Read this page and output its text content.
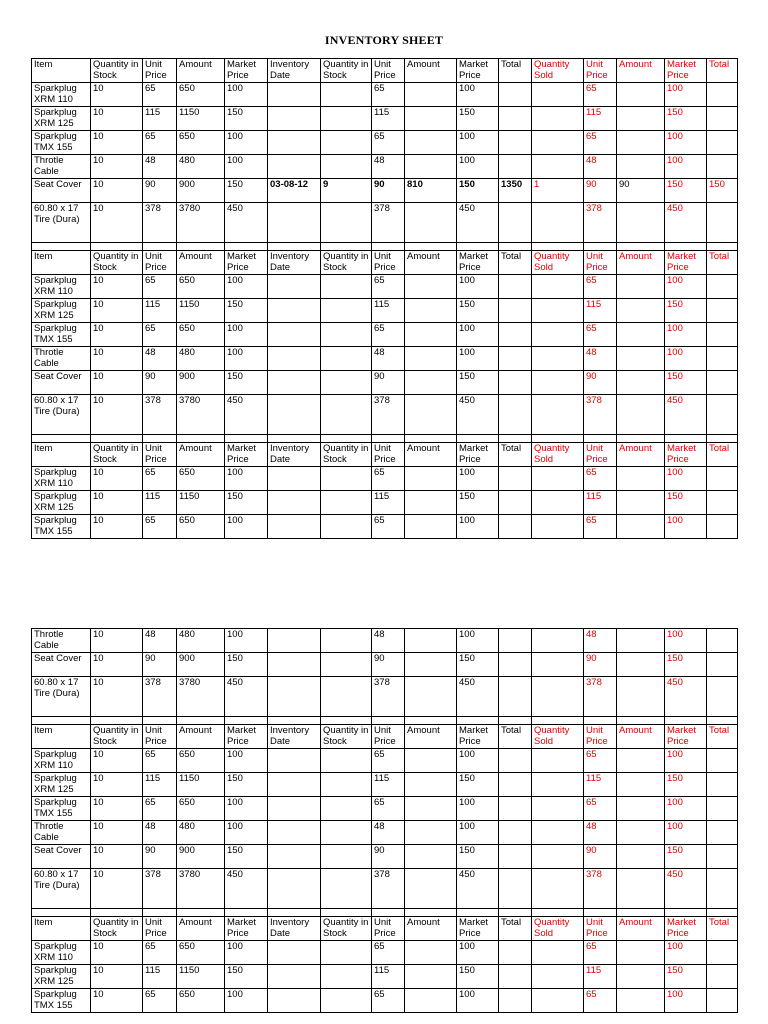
INVENTORY SHEET
Item	Quantity in Stock	Unit Price	Amount	Market Price	Inventory Date	Quantity in Stock	Unit Price	Amount	Market Price	Total	Quantity Sold	Unit Price	Amount	Market Price	Total
Sparkplug XRM 110	10	65	650	100			65		100			65		100	
Sparkplug XRM 125	10	115	1150	150			115		150			115		150	
Sparkplug TMX 155	10	65	650	100			65		100			65		100	
Throtle Cable	10	48	480	100			48		100			48		100	
Seat Cover	10	90	900	150	03-08-12	9	90	810	150	1350	1	90	90	150	150
60.80 x 17 Tire (Dura)	10	378	3780	450			378		450			378		450	

Item	Quantity in Stock	Unit Price	Amount	Market Price	Inventory Date	Quantity in Stock	Unit Price	Amount	Market Price	Total	Quantity Sold	Unit Price	Amount	Market Price	Total
Sparkplug XRM 110	10	65	650	100			65		100			65		100	
Sparkplug XRM 125	10	115	1150	150			115		150			115		150	
Sparkplug TMX 155	10	65	650	100			65		100			65		100	
Throtle Cable	10	48	480	100			48		100			48		100	
Seat Cover	10	90	900	150			90		150			90		150	
60.80 x 17 Tire (Dura)	10	378	3780	450			378		450			378		450	

Item	Quantity in Stock	Unit Price	Amount	Market Price	Inventory Date	Quantity in Stock	Unit Price	Amount	Market Price	Total	Quantity Sold	Unit Price	Amount	Market Price	Total
Sparkplug XRM 110	10	65	650	100			65		100			65		100	
Sparkplug XRM 125	10	115	1150	150			115		150			115		150	
Sparkplug TMX 155	10	65	650	100			65		100			65		100	
Throtle Cable	10	48	480	100			48		100			48		100	
Seat Cover	10	90	900	150			90		150			90		150	
60.80 x 17 Tire (Dura)	10	378	3780	450			378		450			378		450	

Item	Quantity in Stock	Unit Price	Amount	Market Price	Inventory Date	Quantity in Stock	Unit Price	Amount	Market Price	Total	Quantity Sold	Unit Price	Amount	Market Price	Total
Sparkplug XRM 110	10	65	650	100			65		100			65		100	
Sparkplug XRM 125	10	115	1150	150			115		150			115		150	
Sparkplug TMX 155	10	65	650	100			65		100			65		100	
Throtle Cable	10	48	480	100			48		100			48		100	
Seat Cover	10	90	900	150			90		150			90		150	
60.80 x 17 Tire (Dura)	10	378	3780	450			378		450			378		450	

Item	Quantity in Stock	Unit Price	Amount	Market Price	Inventory Date	Quantity in Stock	Unit Price	Amount	Market Price	Total	Quantity Sold	Unit Price	Amount	Market Price	Total
Sparkplug XRM 110	10	65	650	100			65		100			65		100	
Sparkplug XRM 125	10	115	1150	150			115		150			115		150	
Sparkplug TMX 155	10	65	650	100			65		100			65		100	
